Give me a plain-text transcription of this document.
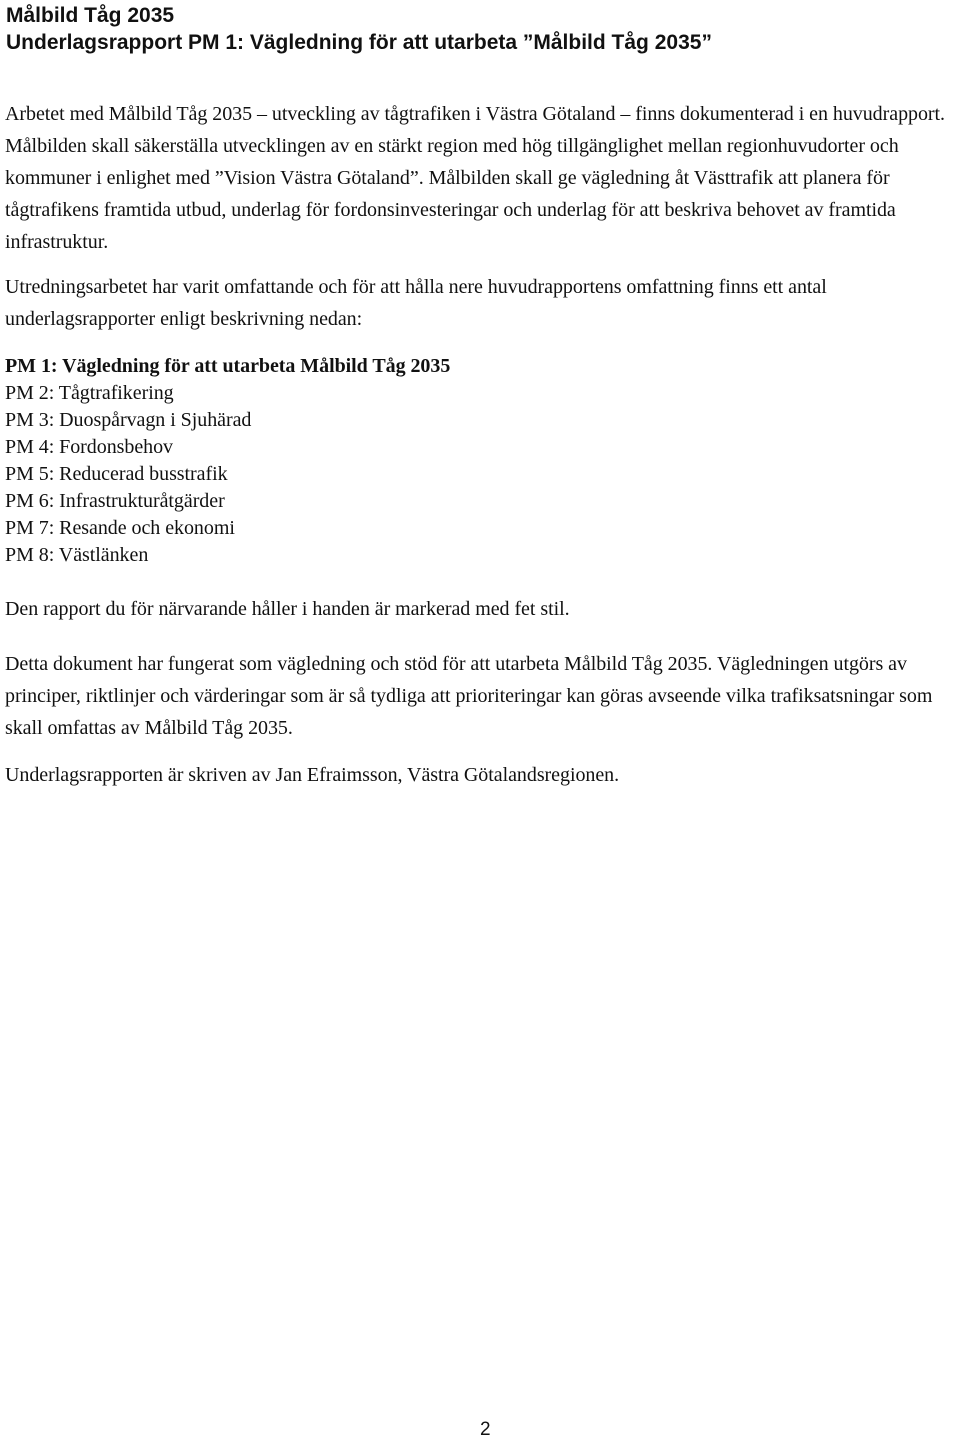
Målbild Tåg 2035
Underlagsrapport PM 1: Vägledning för att utarbeta ”Målbild Tåg 2035”

Arbetet med Målbild Tåg 2035 – utveckling av tågtrafiken i Västra Götaland – finns dokumenterad i en huvudrapport. Målbilden skall säkerställa utvecklingen av en stärkt region med hög tillgänglighet mellan regionhuvudorter och kommuner i enlighet med ”Vision Västra Götaland”. Målbilden skall ge vägledning åt Västtrafik att planera för tågtrafikens framtida utbud, underlag för fordonsinvesteringar och underlag för att beskriva behovet av framtida infrastruktur.

Utredningsarbetet har varit omfattande och för att hålla nere huvudrapportens omfattning finns ett antal underlagsrapporter enligt beskrivning nedan:

PM 1: Vägledning för att utarbeta Målbild Tåg 2035
PM 2: Tågtrafikering
PM 3: Duospårvagn i Sjuhärad
PM 4: Fordonsbehov
PM 5: Reducerad busstrafik
PM 6: Infrastrukturåtgärder
PM 7: Resande och ekonomi
PM 8: Västlänken

Den rapport du för närvarande håller i handen är markerad med fet stil.

Detta dokument har fungerat som vägledning och stöd för att utarbeta Målbild Tåg 2035. Vägledningen utgörs av principer, riktlinjer och värderingar som är så tydliga att prioriteringar kan göras avseende vilka trafiksatsningar som skall omfattas av Målbild Tåg 2035.

Underlagsrapporten är skriven av Jan Efraimsson, Västra Götalandsregionen.

2
